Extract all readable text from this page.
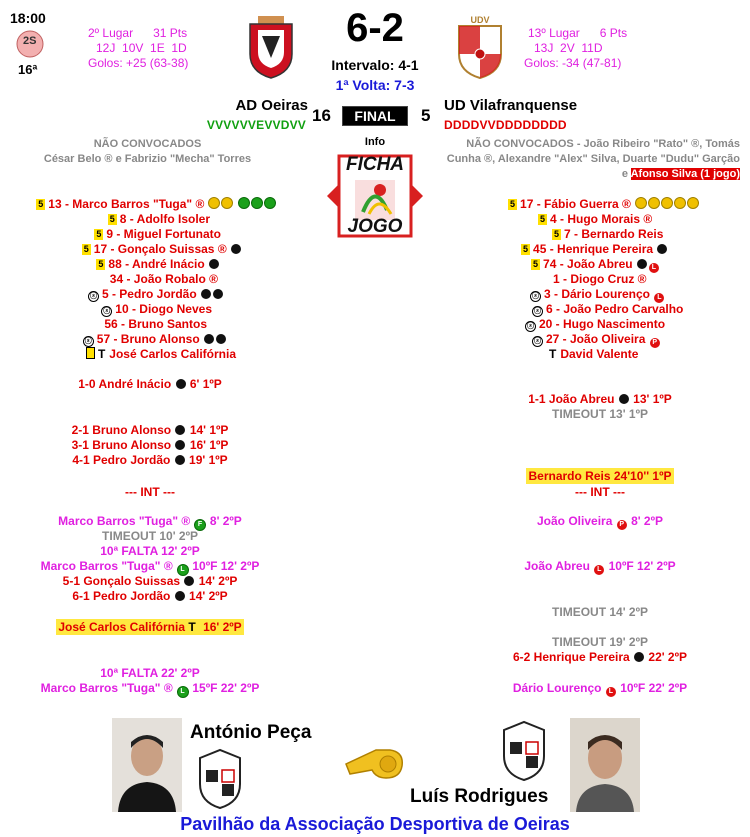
18:00
2S
16ª
2º Lugar      31 Pts
12J  10V  1E  1D
Golos: +25 (63-38)
6-2
Intervalo: 4-1
1ª Volta: 7-3
UDV
13º Lugar      6 Pts
13J  2V  11D
Golos: -34 (47-81)
AD Oeiras
16	FINAL	5
UD Vilafranquense
VVVVVVEVVDVV	DDDDVVDDDDDDDD
NÃO CONVOCADOS
César Belo ® e Fabrizio "Mecha" Torres
Info
FICHA
JOGO
NÃO CONVOCADOS - João Ribeiro "Rato" ®, Tomás Cunha ®, Alexandre "Alex" Silva, Duarte "Dudu" Garção e Afonso Silva (1 jogo)
5 13 - Marco Barros "Tuga" ®
5 8 - Adolfo Isoler
5 9 - Miguel Fortunato
5 17 - Gonçalo Suissas ®
5 88 - André Inácio
34 - João Robalo ®
ⓢ 5 - Pedro Jordão
ⓢ 10 - Diogo Neves
56 - Bruno Santos
ⓢ 57 - Bruno Alonso
T José Carlos Califórnia
5 17 - Fábio Guerra ®
5 4 - Hugo Morais ®
5 7 - Bernardo Reis
5 45 - Henrique Pereira
5 74 - João Abreu	L
1 - Diogo Cruz ®
ⓢ 3 - Dário Lourenço L
ⓢ 6 - João Pedro Carvalho
ⓢ 20 - Hugo Nascimento
ⓢ 27 - João Oliveira P
T David Valente
1-0 André Inácio 6' 1ºP
2-1 Bruno Alonso 14' 1ºP
3-1 Bruno Alonso 16' 1ºP
4-1 Pedro Jordão 19' 1ºP
--- INT ---
Marco Barros "Tuga" ® F 8' 2ºP
TIMEOUT 10' 2ºP
10ª FALTA 12' 2ºP
Marco Barros "Tuga" ® L 10ºF 12' 2ºP
5-1 Gonçalo Suissas 14' 2ºP
6-1 Pedro Jordão 14' 2ºP
José Carlos Califórnia T 16' 2ºP
10ª FALTA 22' 2ºP
Marco Barros "Tuga" ® L 15ºF 22' 2ºP
1-1 João Abreu 13' 1ºP
TIMEOUT 13' 1ºP
Bernardo Reis 24'10'' 1ºP
--- INT ---
João Oliveira P 8' 2ºP
João Abreu L 10ºF 12' 2ºP
TIMEOUT 14' 2ºP
TIMEOUT 19' 2ºP
6-2 Henrique Pereira 22' 2ºP
Dário Lourenço L 10ºF 22' 2ºP
António Peça
Luís Rodrigues
Pavilhão da Associação Desportiva de Oeiras
